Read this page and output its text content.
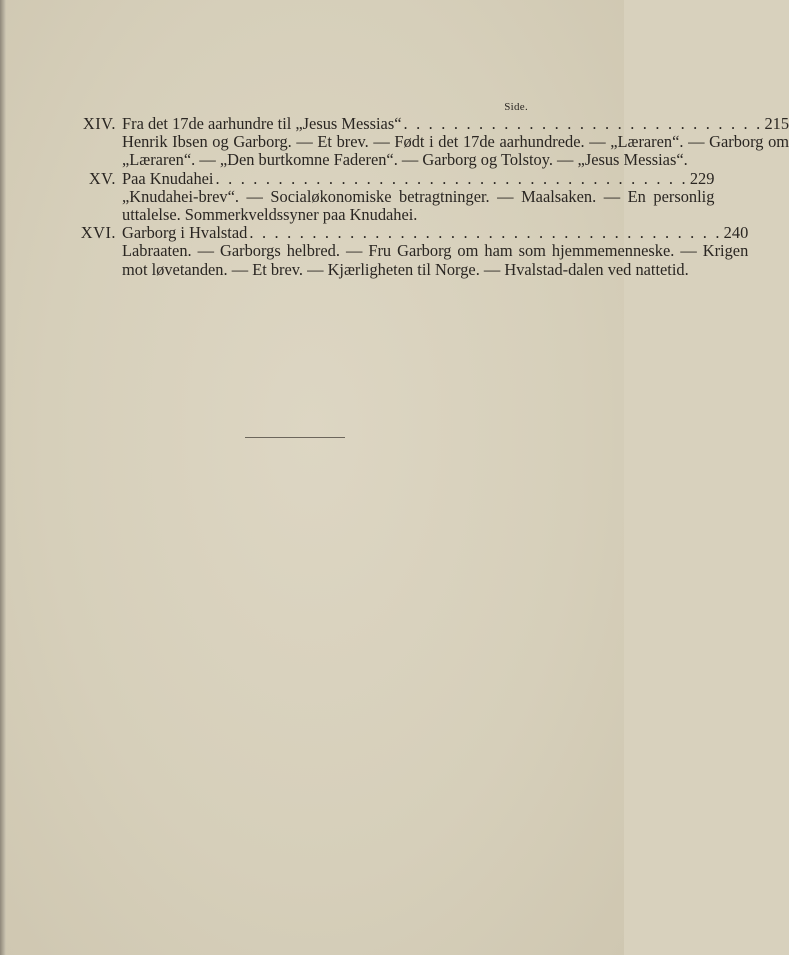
Side.
XIV. Fra det 17de aarhundre til „Jesus Messias“ . . . . . . . . . . . . . . . . . . . . . . . . . . . . . 215
Henrik Ibsen og Garborg. — Et brev. — Født i det 17de aarhundrede. — „Læraren“. — Garborg om „Læraren“. — „Den burtkomne Faderen“. — Garborg og Tolstoy. — „Jesus Messias“.
XV. Paa Knudahei . . . . . . . . . . . . . . . . . . . . . . . . . . . . . . . . . . . . . . 229
„Knudahei-brev“. — Socialøkonomiske betragtninger. — Maalsaken. — En personlig uttalelse. Sommerkveldssyner paa Knudahei.
XVI. Garborg i Hvalstad . . . . . . . . . . . . . . . . . . . . . . . . . . . . . . . . . . . . . . 240
Labraaten. — Garborgs helbred. — Fru Garborg om ham som hjemmemenneske. — Krigen mot løvetanden. — Et brev. — Kjærligheten til Norge. — Hvalstad-dalen ved nattetid.
